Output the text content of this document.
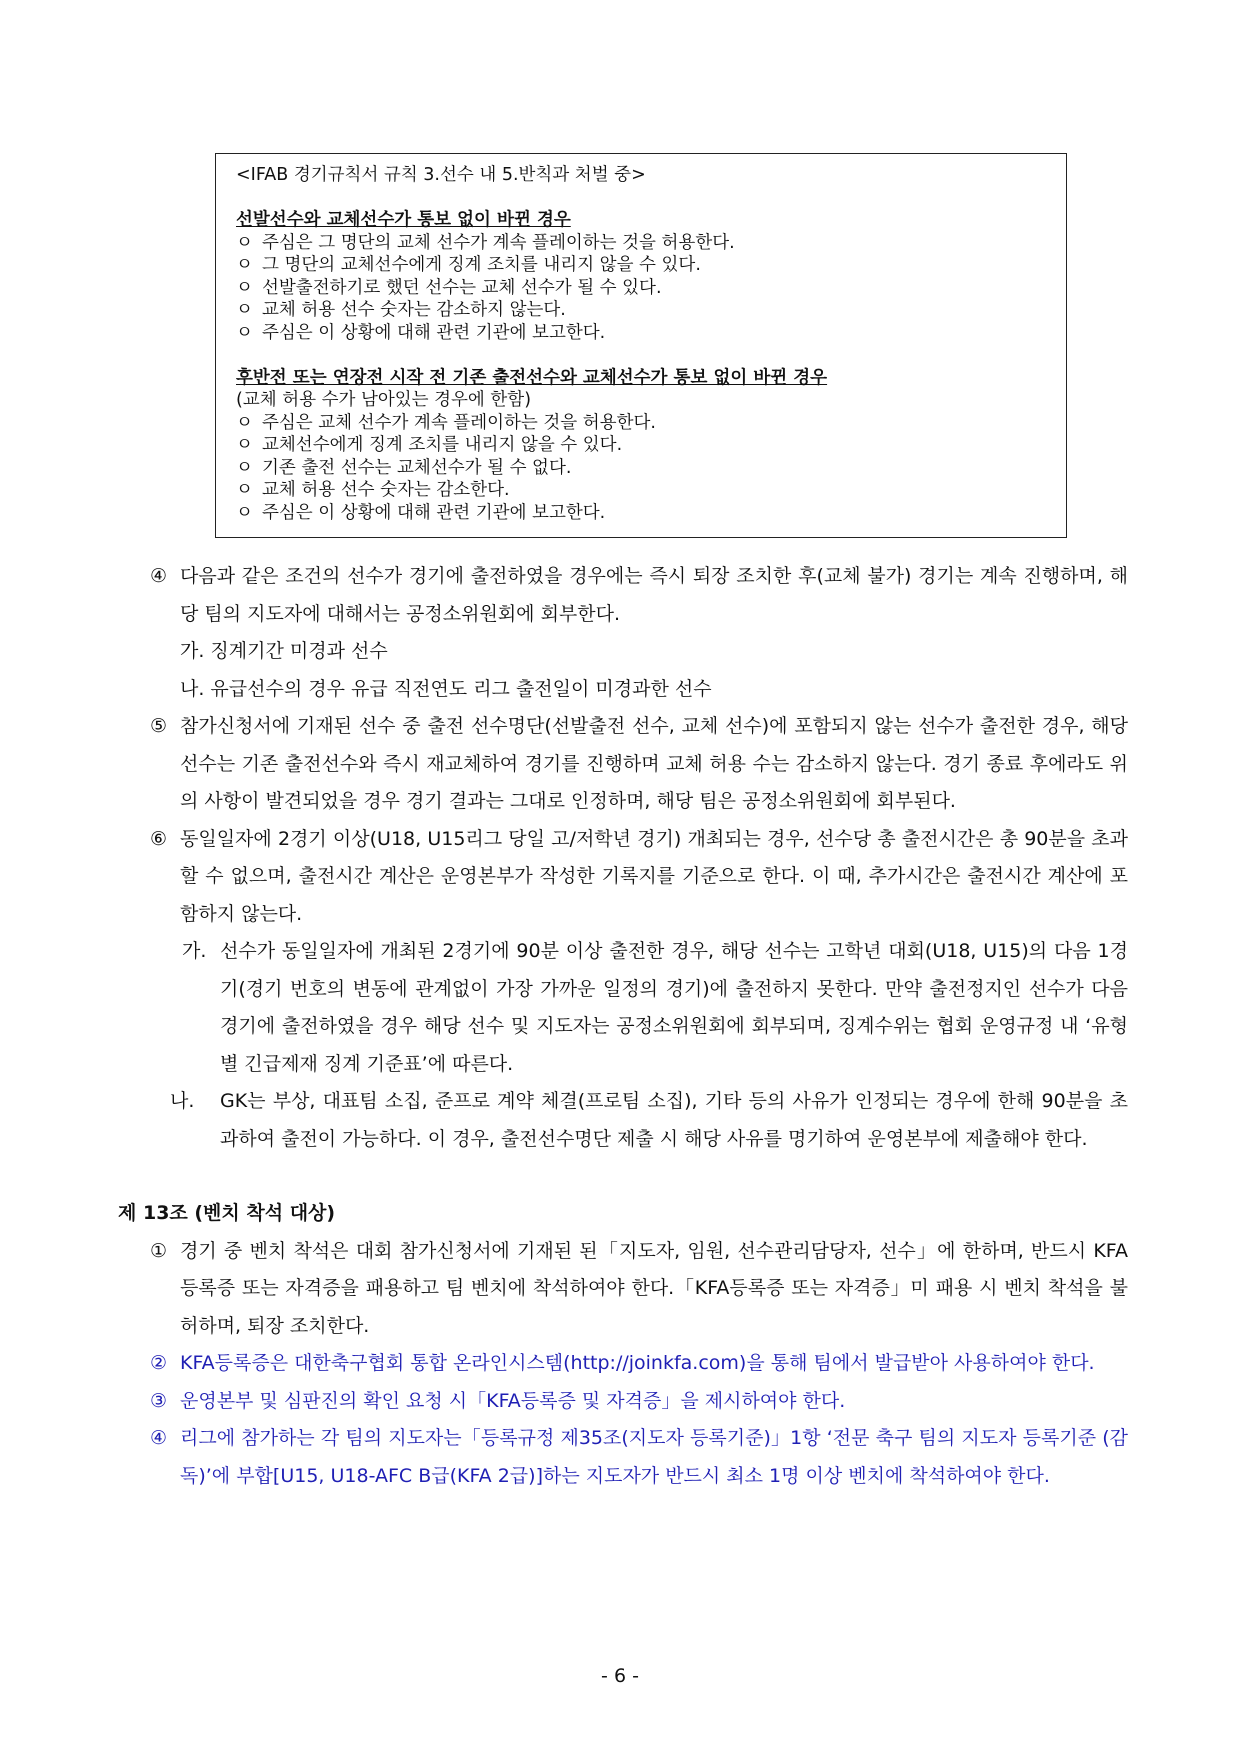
<IFAB 경기규칙서 규칙 3.선수 내 5.반칙과 처벌 중>
선발선수와 교체선수가 통보 없이 바뀐 경우
ㅇ 주심은 그 명단의 교체 선수가 계속 플레이하는 것을 허용한다.
ㅇ 그 명단의 교체선수에게 징계 조치를 내리지 않을 수 있다.
ㅇ 선발출전하기로 했던 선수는 교체 선수가 될 수 있다.
ㅇ 교체 허용 선수 숫자는 감소하지 않는다.
ㅇ 주심은 이 상황에 대해 관련 기관에 보고한다.
후반전 또는 연장전 시작 전 기존 출전선수와 교체선수가 통보 없이 바뀐 경우
(교체 허용 수가 남아있는 경우에 한함)
ㅇ 주심은 교체 선수가 계속 플레이하는 것을 허용한다.
ㅇ 교체선수에게 징계 조치를 내리지 않을 수 있다.
ㅇ 기존 출전 선수는 교체선수가 될 수 없다.
ㅇ 교체 허용 선수 숫자는 감소한다.
ㅇ 주심은 이 상황에 대해 관련 기관에 보고한다.
④ 다음과 같은 조건의 선수가 경기에 출전하였을 경우에는 즉시 퇴장 조치한 후(교체 불가) 경기는 계속 진행하며, 해당 팀의 지도자에 대해서는 공정소위원회에 회부한다.
가. 징계기간 미경과 선수
나. 유급선수의 경우 유급 직전연도 리그 출전일이 미경과한 선수
⑤ 참가신청서에 기재된 선수 중 출전 선수명단(선발출전 선수, 교체 선수)에 포함되지 않는 선수가 출전한 경우, 해당 선수는 기존 출전선수와 즉시 재교체하여 경기를 진행하며 교체 허용 수는 감소하지 않는다. 경기 종료 후에라도 위의 사항이 발견되었을 경우 경기 결과는 그대로 인정하며, 해당 팀은 공정소위원회에 회부된다.
⑥ 동일일자에 2경기 이상(U18, U15리그 당일 고/저학년 경기) 개최되는 경우, 선수당 총 출전시간은 총 90분을 초과할 수 없으며, 출전시간 계산은 운영본부가 작성한 기록지를 기준으로 한다. 이 때, 추가시간은 출전시간 계산에 포함하지 않는다.
가. 선수가 동일일자에 개최된 2경기에 90분 이상 출전한 경우, 해당 선수는 고학년 대회(U18, U15)의 다음 1경기(경기 번호의 변동에 관계없이 가장 가까운 일정의 경기)에 출전하지 못한다. 만약 출전정지인 선수가 다음 경기에 출전하였을 경우 해당 선수 및 지도자는 공정소위원회에 회부되며, 징계수위는 협회 운영규정 내 ‘유형별 긴급제재 징계 기준표’에 따른다.
나. GK는 부상, 대표팀 소집, 준프로 계약 체결(프로팀 소집), 기타 등의 사유가 인정되는 경우에 한해 90분을 초과하여 출전이 가능하다. 이 경우, 출전선수명단 제출 시 해당 사유를 명기하여 운영본부에 제출해야 한다.
제 13조 (벤치 착석 대상)
① 경기 중 벤치 착석은 대회 참가신청서에 기재된 된「지도자, 임원, 선수관리담당자, 선수」에 한하며, 반드시 KFA 등록증 또는 자격증을 패용하고 팀 벤치에 착석하여야 한다.「KFA등록증 또는 자격증」미 패용 시 벤치 착석을 불허하며, 퇴장 조치한다.
② KFA등록증은 대한축구협회 통합 온라인시스템(http://joinkfa.com)을 통해 팀에서 발급받아 사용하여야 한다.
③ 운영본부 및 심판진의 확인 요청 시「KFA등록증 및 자격증」을 제시하여야 한다.
④ 리그에 참가하는 각 팀의 지도자는「등록규정 제35조(지도자 등록기준)」1항 ‘전문 축구 팀의 지도자 등록기준 (감독)’에 부합[U15, U18-AFC B급(KFA 2급)]하는 지도자가 반드시 최소 1명 이상 벤치에 착석하여야 한다.
- 6 -
